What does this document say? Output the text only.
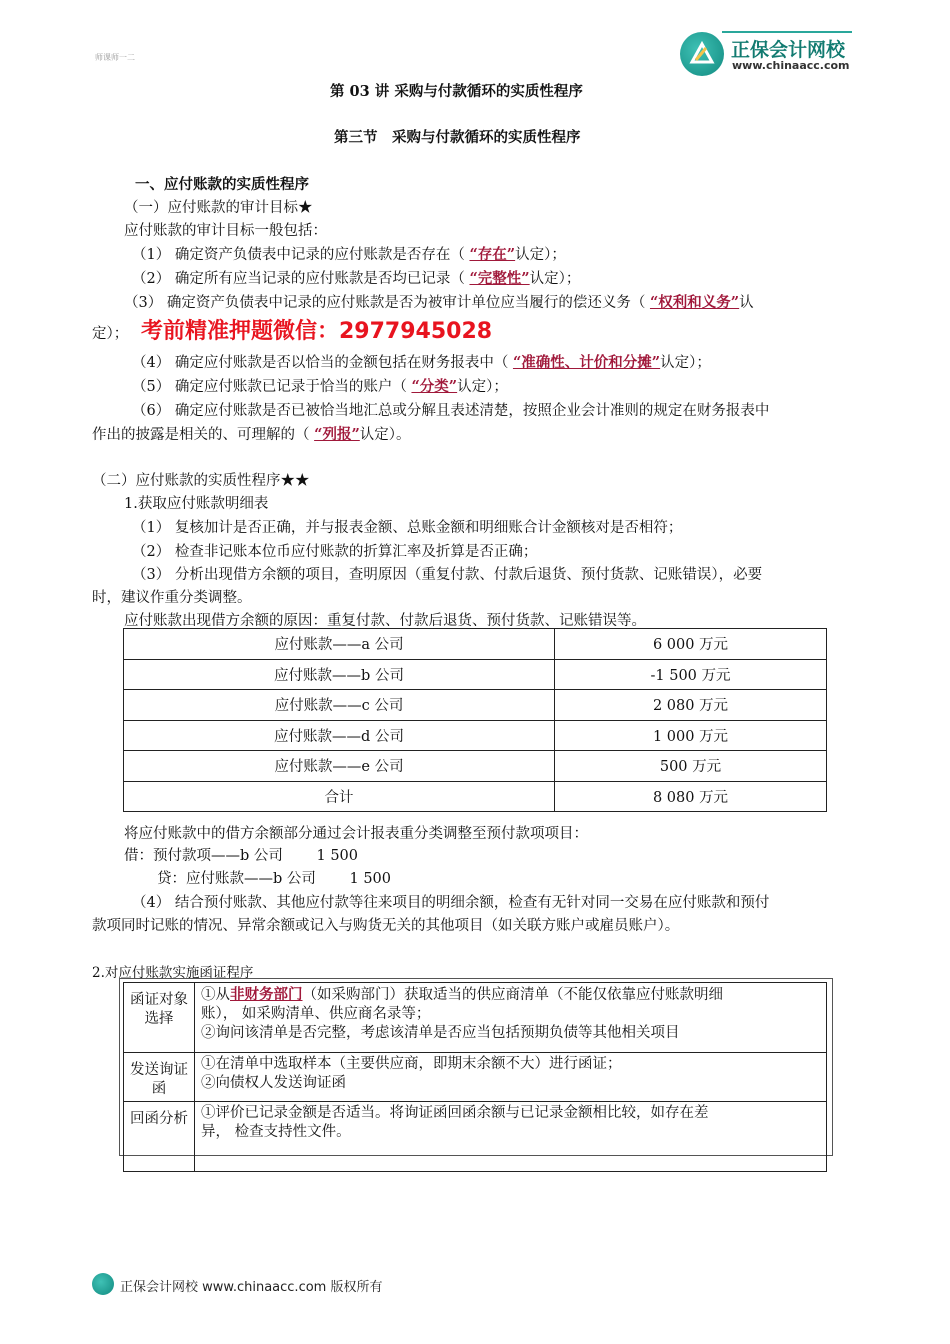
师课师一二	正保会计网校
www.chinaacc.com
第 03 讲 采购与付款循环的实质性程序
第三节　采购与付款循环的实质性程序
一、应付账款的实质性程序
（一）应付账款的审计目标★
应付账款的审计目标一般包括：
（1） 确定资产负债表中记录的应付账款是否存在（ “存在”认定）；
（2） 确定所有应当记录的应付账款是否均已记录（ “完整性”认定）；
（3） 确定资产负债表中记录的应付账款是否为被审计单位应当履行的偿还义务（ “权利和义务”认
定）； 考前精准押题微信：2977945028
（4） 确定应付账款是否以恰当的金额包括在财务报表中（ “准确性、计价和分摊”认定）；
（5） 确定应付账款已记录于恰当的账户（ “分类”认定）；
（6） 确定应付账款是否已被恰当地汇总或分解且表述清楚，按照企业会计准则的规定在财务报表中
作出的披露是相关的、可理解的（ “列报”认定）。
（二）应付账款的实质性程序★★
1.获取应付账款明细表
（1） 复核加计是否正确，并与报表金额、总账金额和明细账合计金额核对是否相符；
（2） 检查非记账本位币应付账款的折算汇率及折算是否正确；
（3） 分析出现借方余额的项目，查明原因（重复付款、付款后退货、预付货款、记账错误），必要
时，建议作重分类调整。
应付账款出现借方余额的原因：重复付款、付款后退货、预付货款、记账错误等。
应付账款——a 公司	6 000 万元
应付账款——b 公司	-1 500 万元
应付账款——c 公司	2 080 万元
应付账款——d 公司	1 000 万元
应付账款——e 公司	500 万元
合计	8 080 万元
将应付账款中的借方余额部分通过会计报表重分类调整至预付款项项目：
借：预付款项——b 公司　　 1 500
贷：应付账款——b 公司　　 1 500
（4） 结合预付账款、其他应付款等往来项目的明细余额，检查有无针对同一交易在应付账款和预付
款项同时记账的情况、异常余额或记入与购货无关的其他项目（如关联方账户或雇员账户）。
2.对应付账款实施函证程序
函证对象选择	①从非财务部门（如采购部门）获取适当的供应商清单（不能仅依靠应付账款明细
账）， 如采购清单、供应商名录等；
②询问该清单是否完整，考虑该清单是否应当包括预期负债等其他相关项目

发送询证函	①在清单中选取样本（主要供应商，即期末余额不大）进行函证；
②向债权人发送询证函

回函分析	①评价已记录金额是否适当。将询证函回函余额与已记录金额相比较，如存在差
异， 检查支持性文件。
正保会计网校 www.chinaacc.com 版权所有
